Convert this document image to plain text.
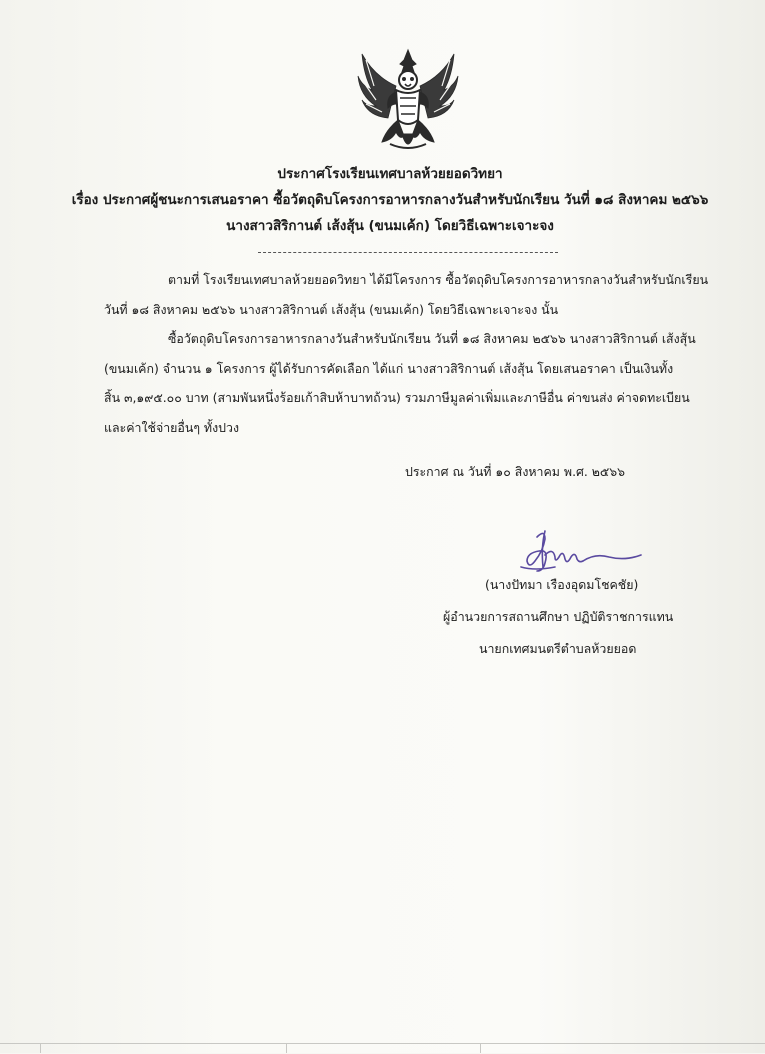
ประกาศโรงเรียนเทศบาลห้วยยอดวิทยา
เรื่อง ประกาศผู้ชนะการเสนอราคา ซื้อวัตถุดิบโครงการอาหารกลางวันสำหรับนักเรียน วันที่ ๑๘ สิงหาคม ๒๕๖๖
นางสาวสิริกานต์ เส้งสุ้น (ขนมเค้ก) โดยวิธีเฉพาะเจาะจง

ตามที่ โรงเรียนเทศบาลห้วยยอดวิทยา ได้มีโครงการ ซื้อวัตถุดิบโครงการอาหารกลางวันสำหรับนักเรียน

วันที่ ๑๘ สิงหาคม ๒๕๖๖ นางสาวสิริกานต์ เส้งสุ้น (ขนมเค้ก) โดยวิธีเฉพาะเจาะจง นั้น

ซื้อวัตถุดิบโครงการอาหารกลางวันสำหรับนักเรียน วันที่ ๑๘ สิงหาคม ๒๕๖๖ นางสาวสิริกานต์ เส้งสุ้น

(ขนมเค้ก) จำนวน ๑ โครงการ ผู้ได้รับการคัดเลือก ได้แก่ นางสาวสิริกานต์ เส้งสุ้น โดยเสนอราคา เป็นเงินทั้ง

สิ้น ๓,๑๙๕.๐๐ บาท (สามพันหนึ่งร้อยเก้าสิบห้าบาทถ้วน) รวมภาษีมูลค่าเพิ่มและภาษีอื่น ค่าขนส่ง ค่าจดทะเบียน

และค่าใช้จ่ายอื่นๆ ทั้งปวง

ประกาศ ณ วันที่ ๑๐ สิงหาคม พ.ศ. ๒๕๖๖
(นางปัทมา เรืองอุดมโชคชัย)
ผู้อำนวยการสถานศึกษา ปฏิบัติราชการแทน
นายกเทศมนตรีตำบลห้วยยอด
